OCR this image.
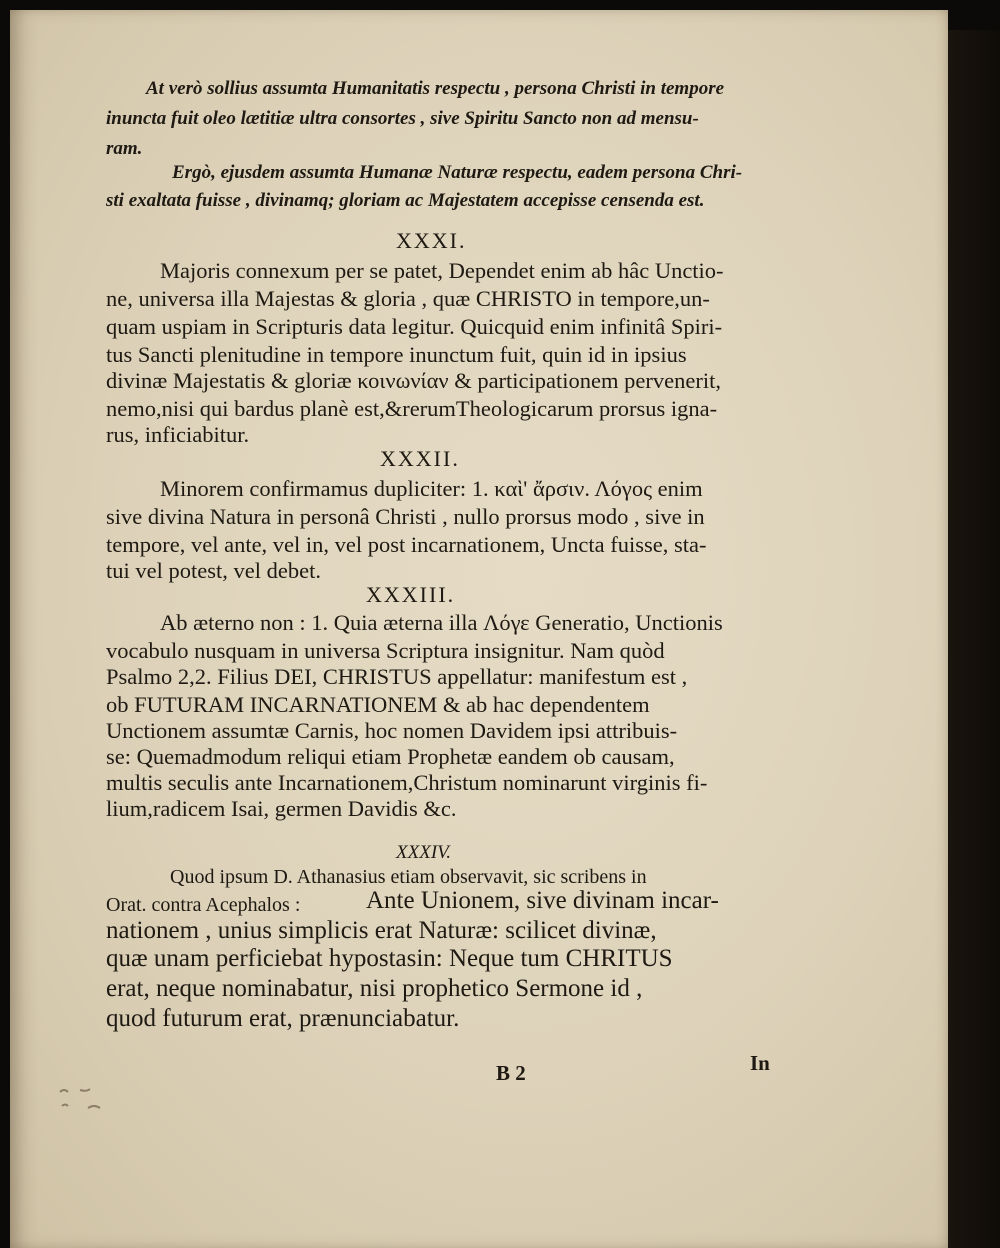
At verò sollius assumta Humanitatis respectu , persona Christi in tempore
inuncta fuit oleo lætitiæ ultra consortes , sive Spiritu Sancto non ad mensu-
ram.
Ergò, ejusdem assumta Humanæ Naturæ respectu, eadem persona Chri-
sti exaltata fuisse , divinamq; gloriam ac Majestatem accepisse censenda est.
XXXI.
Majoris connexum per se patet, Dependet enim ab hâc Unctio-
ne, universa illa Majestas & gloria , quæ CHRISTO in tempore,un-
quam uspiam in Scripturis data legitur. Quicquid enim infinitâ Spiri-
tus Sancti plenitudine in tempore inunctum fuit, quin id in ipsius
divinæ Majestatis & gloriæ κοινωνίαν & participationem pervenerit,
nemo,nisi qui bardus planè est,&rerumTheologicarum prorsus igna-
rus, inficiabitur.
XXXII.
Minorem confirmamus dupliciter: 1. καὶ' ἄρσιν. Λόγος enim
sive divina Natura in personâ Christi , nullo prorsus modo , sive in
tempore, vel ante, vel in, vel post incarnationem, Uncta fuisse, sta-
tui vel potest, vel debet.
XXXIII.
Ab æterno non : 1. Quia æterna illa Λόγε Generatio, Unctionis
vocabulo nusquam in universa Scriptura insignitur. Nam quòd
Psalmo 2,2. Filius DEI, CHRISTUS appellatur: manifestum est ,
ob FUTURAM INCARNATIONEM & ab hac dependentem
Unctionem assumtæ Carnis, hoc nomen Davidem ipsi attribuis-
se: Quemadmodum reliqui etiam Prophetæ eandem ob causam,
multis seculis ante Incarnationem,Christum nominarunt virginis fi-
lium,radicem Isai, germen Davidis &c.
XXXIV.
Quod ipsum D. Athanasius etiam observavit, sic scribens in
Orat. contra Acephalos :	Ante Unionem, sive divinam incar-
nationem , unius simplicis erat Naturæ: scilicet divinæ,
quæ unam perficiebat hypostasin: Neque tum CHRITUS
erat, neque nominabatur, nisi prophetico Sermone id ,
quod futurum erat, prænunciabatur.
B 2	In
